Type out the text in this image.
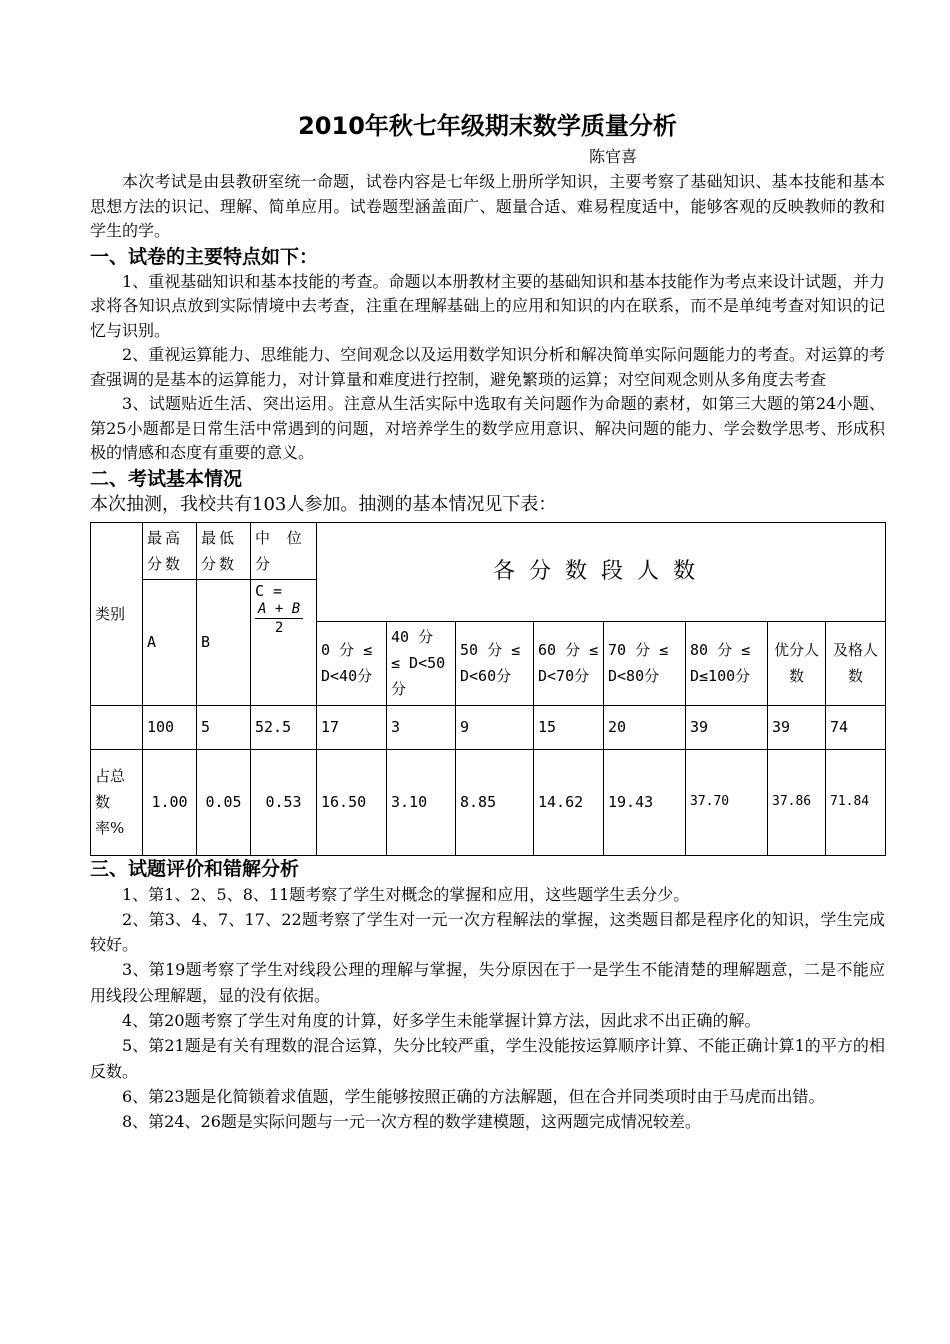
2010年秋七年级期末数学质量分析
陈官喜

本次考试是由县教研室统一命题，试卷内容是七年级上册所学知识，主要考察了基础知识、基本技能和基本思想方法的识记、理解、简单应用。试卷题型涵盖面广、题量合适、难易程度适中，能够客观的反映教师的教和学生的学。

一、试卷的主要特点如下：

1、重视基础知识和基本技能的考查。命题以本册教材主要的基础知识和基本技能作为考点来设计试题，并力求将各知识点放到实际情境中去考查，注重在理解基础上的应用和知识的内在联系，而不是单纯考查对知识的记忆与识别。

2、重视运算能力、思维能力、空间观念以及运用数学知识分析和解决简单实际问题能力的考查。对运算的考查强调的是基本的运算能力，对计算量和难度进行控制，避免繁琐的运算；对空间观念则从多角度去考查

3、试题贴近生活、突出运用。注意从生活实际中选取有关问题作为命题的素材，如第三大题的第24小题、第25小题都是日常生活中常遇到的问题，对培养学生的数学应用意识、解决问题的能力、学会数学思考、形成积极的情感和态度有重要的意义。

二、考试基本情况
本次抽测，我校共有103人参加。抽测的基本情况见下表：
类别	最高分数	最低分数	中 位分	各分数段人数							
	A	B	C =

$\frac{A + B}{2}$

				0 分 ≤ D<40分	40 分 ≤ D<50分	50 分 ≤ D<60分	60 分 ≤ D<70分	70 分 ≤ D<80分	80 分 ≤ D≤100分	优分人数	及格人数
	100	5	52.5	17	3	9	15	20	39	39	74
占总数率%	1.00	0.05	0.53	16.50	3.10	8.85	14.62	19.43	37.70	37.86	71.84
三、试题评价和错解分析

1、第1、2、5、8、11题考察了学生对概念的掌握和应用，这些题学生丢分少。

2、第3、4、7、17、22题考察了学生对一元一次方程解法的掌握，这类题目都是程序化的知识，学生完成较好。

3、第19题考察了学生对线段公理的理解与掌握，失分原因在于一是学生不能清楚的理解题意，二是不能应用线段公理解题，显的没有依据。

4、第20题考察了学生对角度的计算，好多学生未能掌握计算方法，因此求不出正确的解。

5、第21题是有关有理数的混合运算，失分比较严重，学生没能按运算顺序计算、不能正确计算1的平方的相反数。

6、第23题是化简锁着求值题，学生能够按照正确的方法解题，但在合并同类项时由于马虎而出错。

8、第24、26题是实际问题与一元一次方程的数学建模题，这两题完成情况较差。
